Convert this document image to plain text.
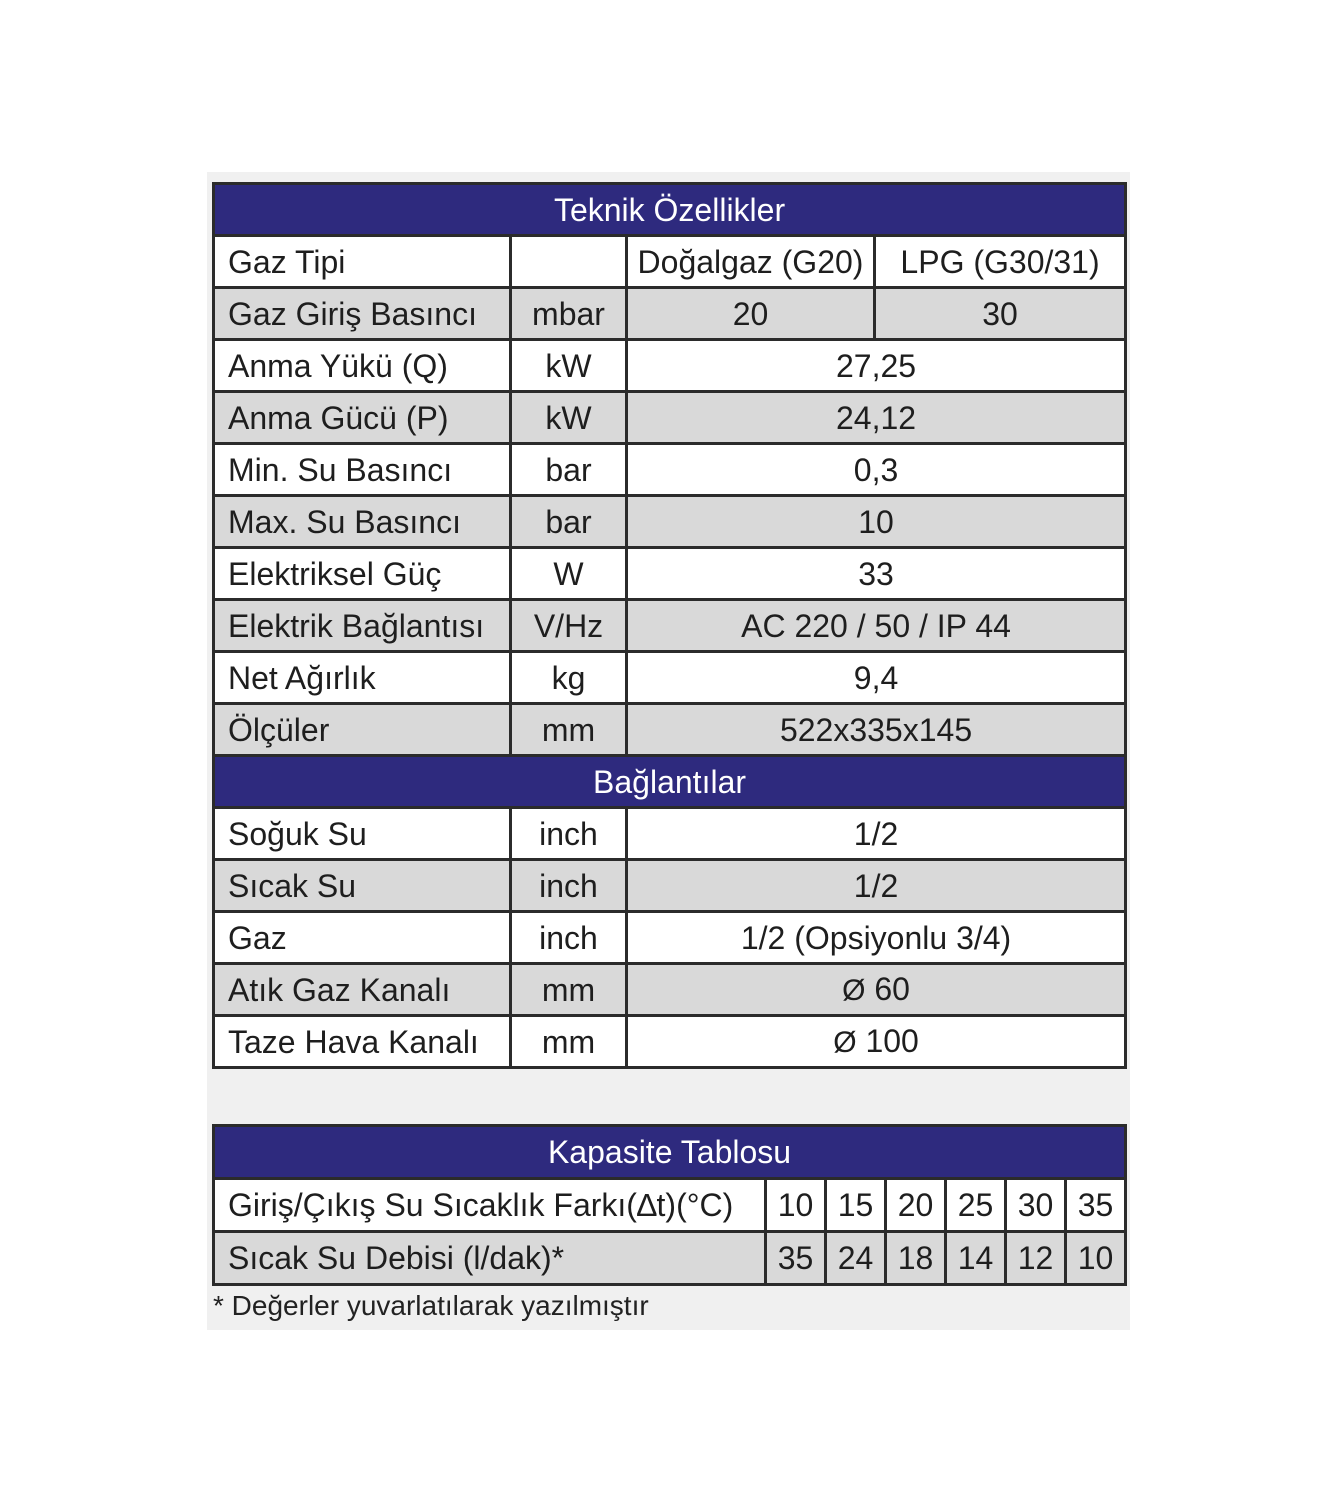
Teknik Özellikler			
Gaz Tipi		Doğalgaz (G20)	LPG (G30/31)
Gaz Giriş Basıncı	mbar	20	30
Anma Yükü (Q)	kW	27,25	
Anma Gücü (P)	kW	24,12	
Min. Su Basıncı	bar	0,3	
Max. Su Basıncı	bar	10	
Elektriksel Güç	W	33	
Elektrik Bağlantısı	V/Hz	AC 220 / 50 / IP 44	
Net Ağırlık	kg	9,4	
Ölçüler	mm	522x335x145	
Bağlantılar			
Soğuk Su	inch	1/2	
Sıcak Su	inch	1/2	
Gaz	inch	1/2 (Opsiyonlu 3/4)	
Atık Gaz Kanalı	mm	Ø 60	
Taze Hava Kanalı	mm	Ø 100	
Kapasite Tablosu						
Giriş/Çıkış Su Sıcaklık Farkı(∆t)(°C)	10	15	20	25	30	35
Sıcak Su Debisi (l/dak)*	35	24	18	14	12	10
* Değerler yuvarlatılarak yazılmıştır
